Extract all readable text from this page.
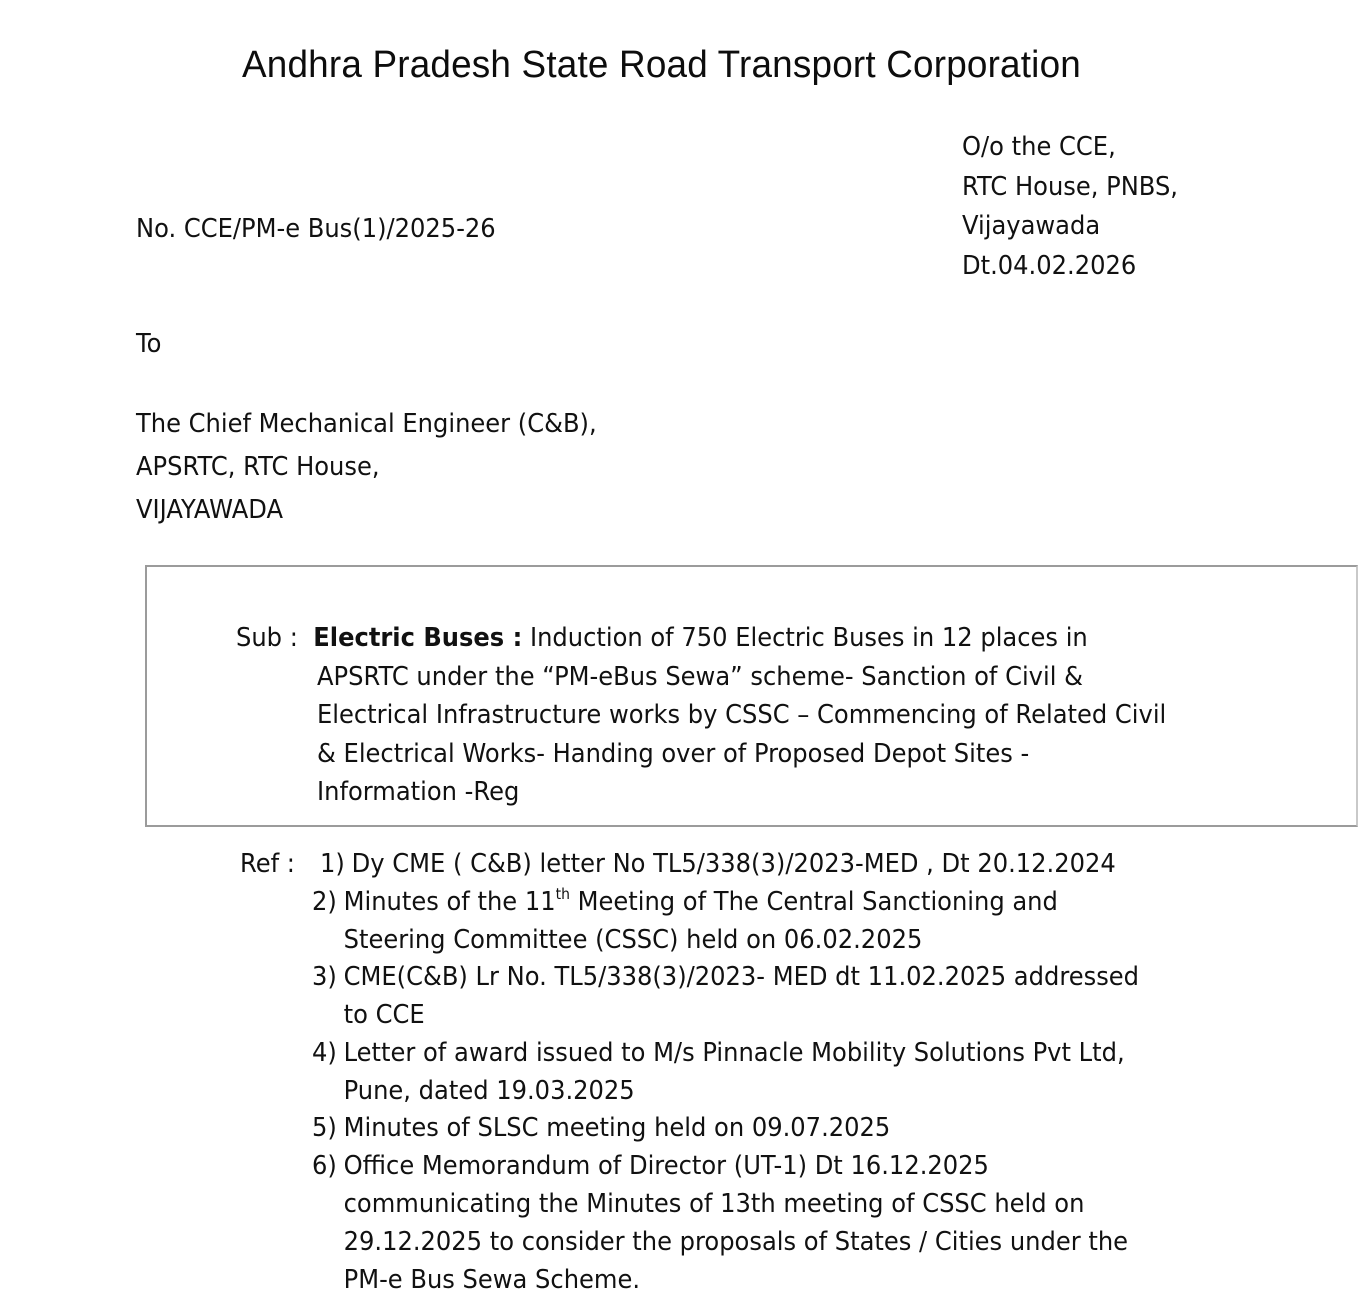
Andhra Pradesh State Road Transport Corporation
O/o the CCE,
RTC House, PNBS,
Vijayawada
Dt.04.02.2026
No. CCE/PM-e Bus(1)/2025-26
To
The Chief Mechanical Engineer (C&B),
APSRTC, RTC House,
VIJAYAWADA
Sub : Electric Buses : Induction of 750 Electric Buses in 12 places in
APSRTC under the “PM-eBus Sewa” scheme- Sanction of Civil &
Electrical Infrastructure works by CSSC – Commencing of Related Civil
& Electrical Works- Handing over of Proposed Depot Sites -
Information -Reg
Ref : 1) Dy CME ( C&B) letter No TL5/338(3)/2023-MED , Dt 20.12.2024
2) Minutes of the 11th Meeting of The Central Sanctioning and
Steering Committee (CSSC) held on 06.02.2025
3) CME(C&B) Lr No. TL5/338(3)/2023- MED dt 11.02.2025 addressed
to CCE
4) Letter of award issued to M/s Pinnacle Mobility Solutions Pvt Ltd,
Pune, dated 19.03.2025
5) Minutes of SLSC meeting held on 09.07.2025
6) Office Memorandum of Director (UT-1) Dt 16.12.2025
communicating the Minutes of 13th meeting of CSSC held on
29.12.2025 to consider the proposals of States / Cities under the
PM-e Bus Sewa Scheme.
